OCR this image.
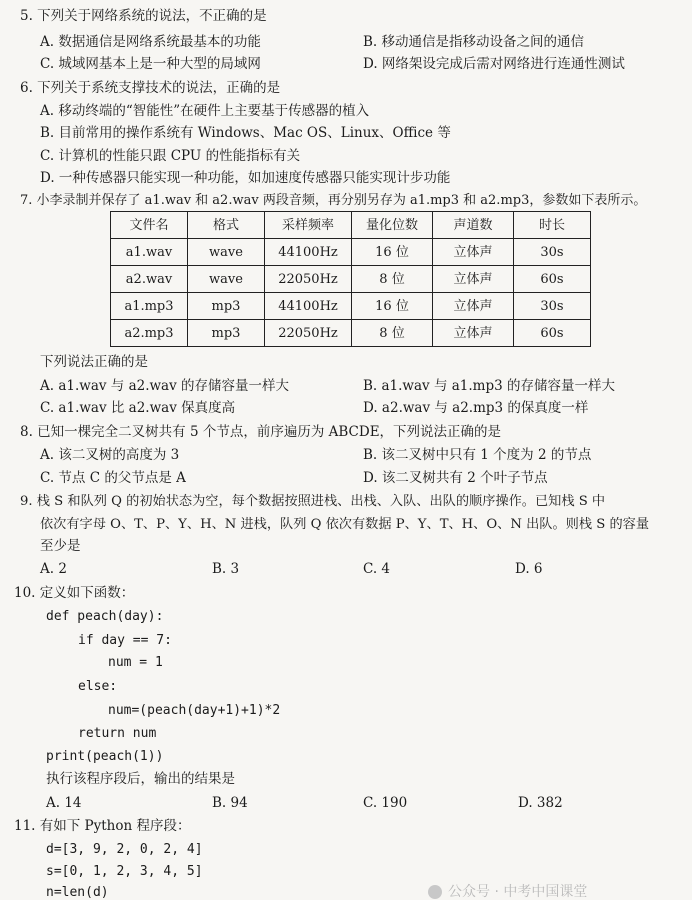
5. 下列关于网络系统的说法，不正确的是
A. 数据通信是网络系统最基本的功能	B. 移动通信是指移动设备之间的通信
C. 城域网基本上是一种大型的局域网	D. 网络架设完成后需对网络进行连通性测试
6. 下列关于系统支撑技术的说法，正确的是
A. 移动终端的“智能性”在硬件上主要基于传感器的植入
B. 目前常用的操作系统有 Windows、Mac OS、Linux、Office 等
C. 计算机的性能只跟 CPU 的性能指标有关
D. 一种传感器只能实现一种功能，如加速度传感器只能实现计步功能
7. 小李录制并保存了 a1.wav 和 a2.wav 两段音频，再分别另存为 a1.mp3 和 a2.mp3，参数如下表所示。
文件名	格式	采样频率	量化位数	声道数	时长
a1.wav	wave	44100Hz	16 位	立体声	30s
a2.wav	wave	22050Hz	8 位	立体声	60s
a1.mp3	mp3	44100Hz	16 位	立体声	30s
a2.mp3	mp3	22050Hz	8 位	立体声	60s
下列说法正确的是
A. a1.wav 与 a2.wav 的存储容量一样大	B. a1.wav 与 a1.mp3 的存储容量一样大
C. a1.wav 比 a2.wav 保真度高	D. a2.wav 与 a2.mp3 的保真度一样
8. 已知一棵完全二叉树共有 5 个节点，前序遍历为 ABCDE，下列说法正确的是
A. 该二叉树的高度为 3	B. 该二叉树中只有 1 个度为 2 的节点
C. 节点 C 的父节点是 A	D. 该二叉树共有 2 个叶子节点
9. 栈 S 和队列 Q 的初始状态为空，每个数据按照进栈、出栈、入队、出队的顺序操作。已知栈 S 中
依次有字母 O、T、P、Y、H、N 进栈，队列 Q 依次有数据 P、Y、T、H、O、N 出队。则栈 S 的容量
至少是
A. 2	B. 3	C. 4	D. 6
10. 定义如下函数：
def peach(day):
if day == 7:
num = 1
else:
num=(peach(day+1)+1)*2
return num
print(peach(1))
执行该程序段后，输出的结果是
A. 14	B. 94	C. 190	D. 382
11. 有如下 Python 程序段：
d=[3, 9, 2, 0, 2, 4]
s=[0, 1, 2, 3, 4, 5]
n=len(d)	公众号 · 中考中国课堂
